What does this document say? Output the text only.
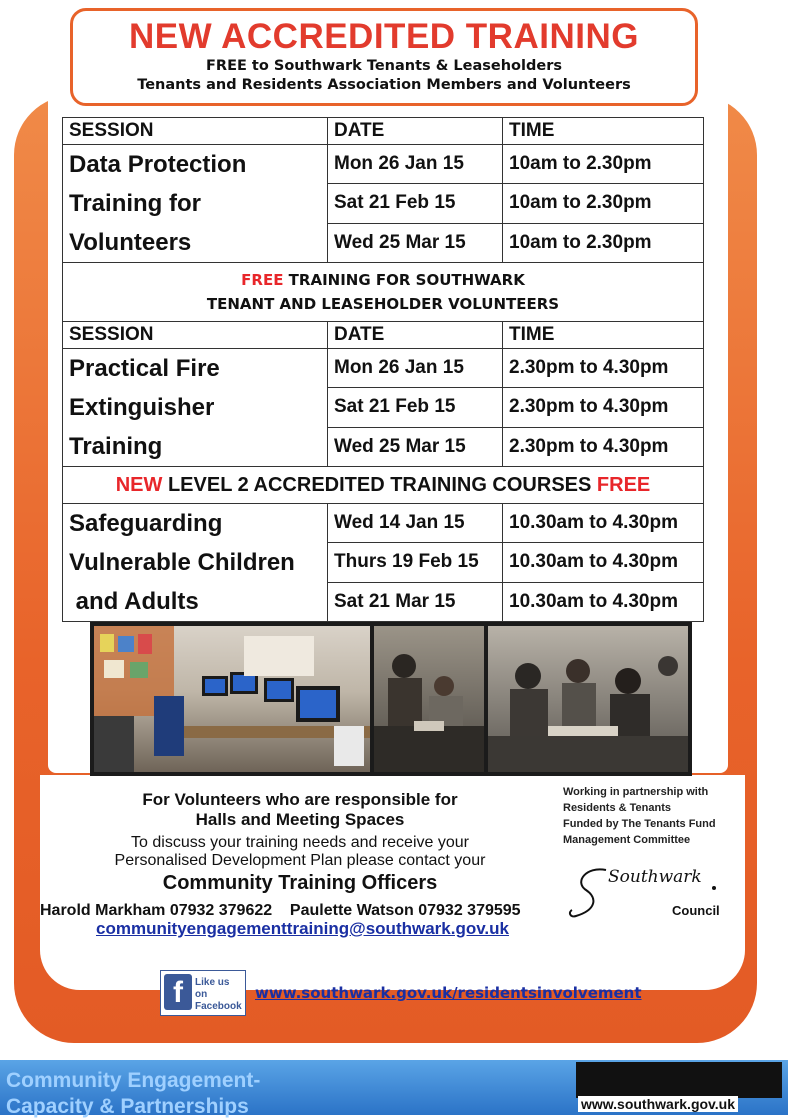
NEW ACCREDITED TRAINING
FREE to Southwark Tenants & Leaseholders
Tenants and Residents Association Members and Volunteers
SESSION	DATE	TIME

Data Protection
Training for
Volunteers	Mon 26 Jan 15	10am to 2.30pm
	Sat 21 Feb 15	10am to 2.30pm
	Wed 25 Mar 15	10am to 2.30pm
FREE TRAINING FOR SOUTHWARK
TENANT AND LEASEHOLDER VOLUNTEERS		
SESSION	DATE	TIME

Practical Fire
Extinguisher
Training	Mon 26 Jan 15	2.30pm to 4.30pm
	Sat 21 Feb 15	2.30pm to 4.30pm
	Wed 25 Mar 15	2.30pm to 4.30pm
NEW LEVEL 2 ACCREDITED TRAINING COURSES FREE		

Safeguarding
Vulnerable Children
and Adults	Wed 14 Jan 15	10.30am to 4.30pm
	Thurs 19 Feb 15	10.30am to 4.30pm
	Sat 21 Mar 15	10.30am to 4.30pm
For Volunteers who are responsible for
Halls and Meeting Spaces
To discuss your training needs and receive your
Personalised Development Plan please contact your
Community Training Officers
Harold Markham 07932 379622    Paulette Watson 07932 379595
communityengagementtraining@southwark.gov.uk
Working in partnership with
Residents & Tenants
Funded by The Tenants Fund
Management Committee
Southwark
Council
f	Like us on Facebook
www.southwark.gov.uk/residentsinvolvement
Community Engagement-
Capacity & Partnerships	www.southwark.gov.uk
